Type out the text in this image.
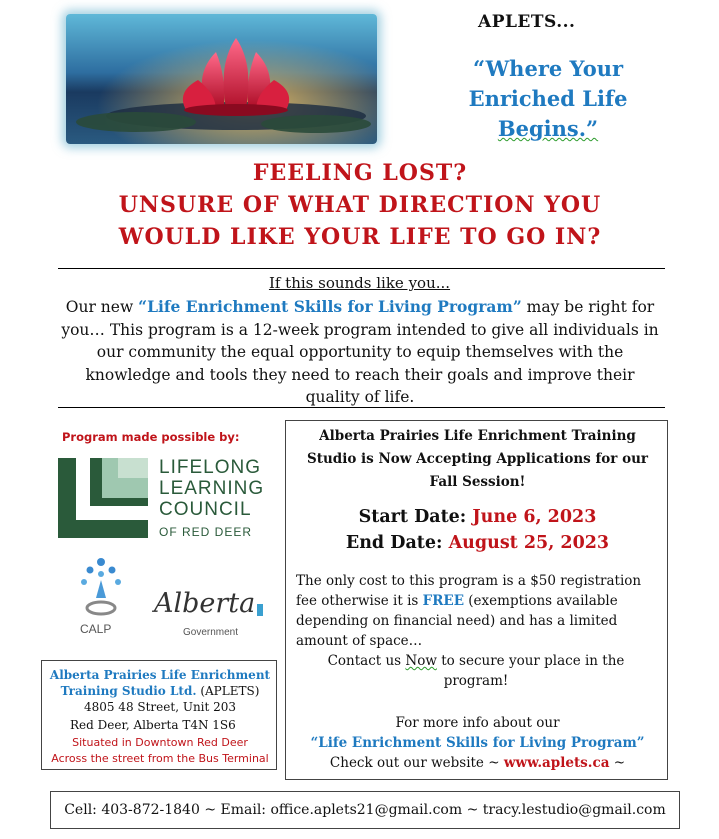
APLETS...
“Where Your
Enriched Life
Begins.”
FEELING LOST?
UNSURE OF WHAT DIRECTION YOU
WOULD LIKE YOUR LIFE TO GO IN?
If this sounds like you...
Our new “Life Enrichment Skills for Living Program” may be right for you… This program is a 12-week program intended to give all individuals in our community the equal opportunity to equip themselves with the knowledge and tools they need to reach their goals and improve their quality of life.
Program made possible by:
LIFELONG
LEARNING
COUNCIL
OF RED DEER
CALP
Alberta
Government
Alberta Prairies Life Enrichment
Training Studio Ltd. (APLETS)
4805 48 Street, Unit 203
Red Deer, Alberta T4N 1S6
Situated in Downtown Red Deer
Across the street from the Bus Terminal
Alberta Prairies Life Enrichment Training
Studio is Now Accepting Applications for our
Fall Session!
Start Date: June 6, 2023
End Date: August 25, 2023
The only cost to this program is a $50 registration fee otherwise it is FREE (exemptions available depending on financial need) and has a limited amount of space…
Contact us Now to secure your place in the program!
For more info about our
“Life Enrichment Skills for Living Program”
Check out our website ~ www.aplets.ca ~
Cell: 403-872-1840 ~ Email: office.aplets21@gmail.com ~ tracy.lestudio@gmail.com
